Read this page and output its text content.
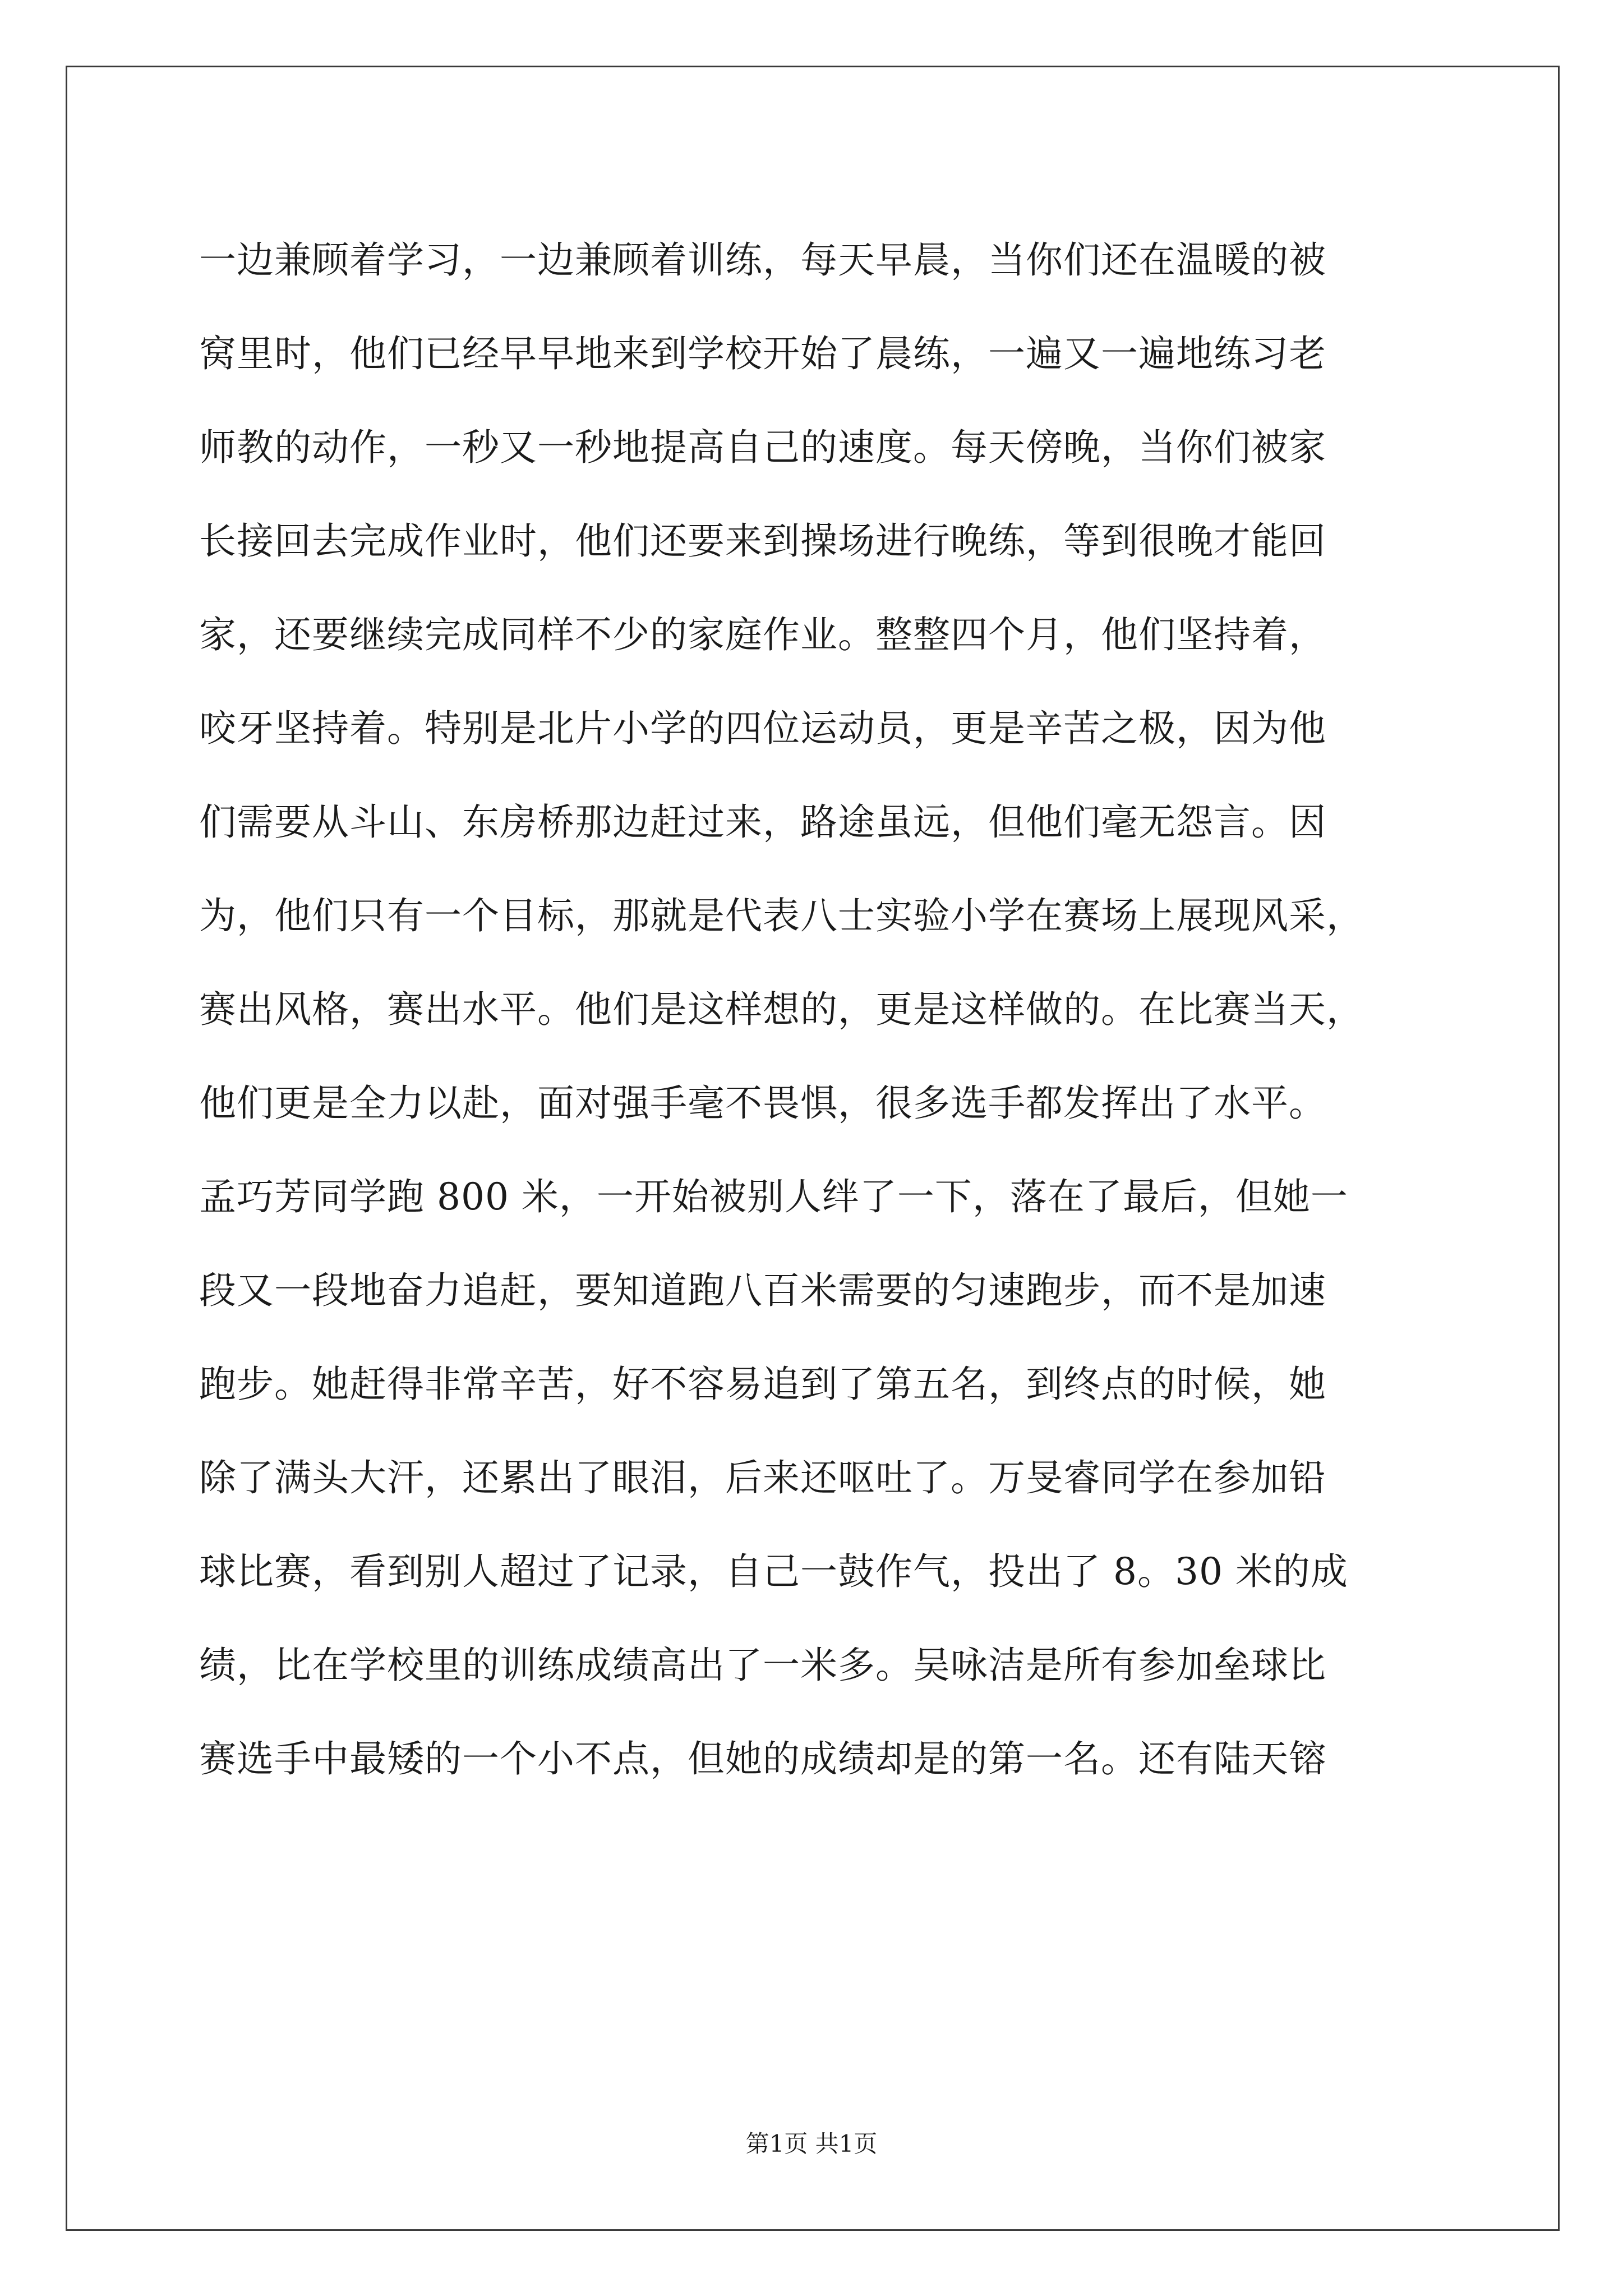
一边兼顾着学习，一边兼顾着训练，每天早晨，当你们还在温暖的被
窝里时，他们已经早早地来到学校开始了晨练，一遍又一遍地练习老
师教的动作，一秒又一秒地提高自己的速度。每天傍晚，当你们被家
长接回去完成作业时，他们还要来到操场进行晚练，等到很晚才能回
家，还要继续完成同样不少的家庭作业。整整四个月，他们坚持着，
咬牙坚持着。特别是北片小学的四位运动员，更是辛苦之极，因为他
们需要从斗山、东房桥那边赶过来，路途虽远，但他们毫无怨言。因
为，他们只有一个目标，那就是代表八士实验小学在赛场上展现风采，
赛出风格，赛出水平。他们是这样想的，更是这样做的。在比赛当天，
他们更是全力以赴，面对强手毫不畏惧，很多选手都发挥出了水平。
孟巧芳同学跑 800 米，一开始被别人绊了一下，落在了最后，但她一
段又一段地奋力追赶，要知道跑八百米需要的匀速跑步，而不是加速
跑步。她赶得非常辛苦，好不容易追到了第五名，到终点的时候，她
除了满头大汗，还累出了眼泪，后来还呕吐了。万旻睿同学在参加铅
球比赛，看到别人超过了记录，自己一鼓作气，投出了 8。30 米的成
绩，比在学校里的训练成绩高出了一米多。吴咏洁是所有参加垒球比
赛选手中最矮的一个小不点，但她的成绩却是的第一名。还有陆天镕
第1页 共1页
